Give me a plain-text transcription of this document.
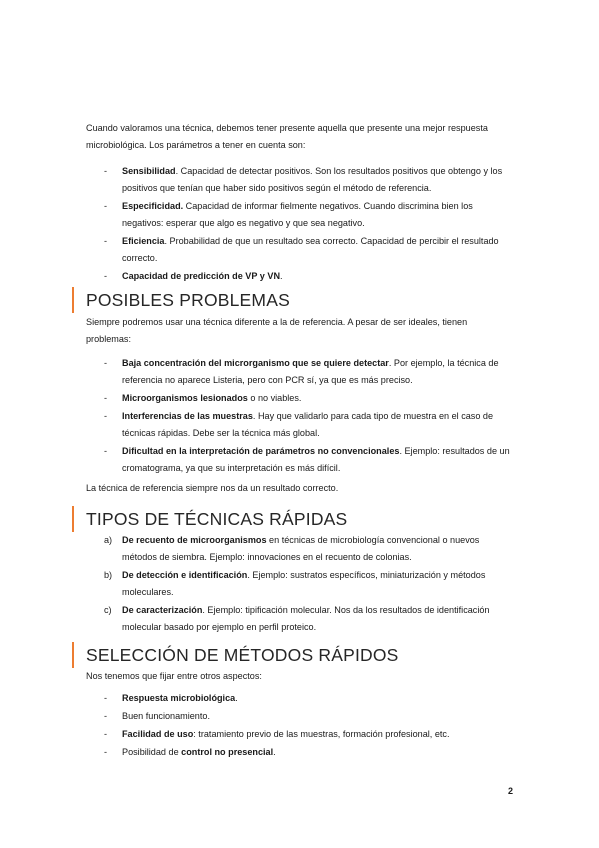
Cuando valoramos una técnica, debemos tener presente aquella que presente una mejor respuesta microbiológica. Los parámetros a tener en cuenta son:

- Sensibilidad. Capacidad de detectar positivos. Son los resultados positivos que obtengo y los positivos que tenían que haber sido positivos según el método de referencia.
- Especificidad. Capacidad de informar fielmente negativos. Cuando discrimina bien los negativos: esperar que algo es negativo y que sea negativo.
- Eficiencia. Probabilidad de que un resultado sea correcto. Capacidad de percibir el resultado correcto.
- Capacidad de predicción de VP y VN.
POSIBLES PROBLEMAS

Siempre podremos usar una técnica diferente a la de referencia. A pesar de ser ideales, tienen problemas:

- Baja concentración del microrganismo que se quiere detectar. Por ejemplo, la técnica de referencia no aparece Listeria, pero con PCR sí, ya que es más preciso.
- Microorganismos lesionados o no viables.
- Interferencias de las muestras. Hay que validarlo para cada tipo de muestra en el caso de técnicas rápidas. Debe ser la técnica más global.
- Dificultad en la interpretación de parámetros no convencionales. Ejemplo: resultados de un cromatograma, ya que su interpretación es más difícil.

La técnica de referencia siempre nos da un resultado correcto.

TIPOS DE TÉCNICAS RÁPIDAS
a) De recuento de microorganismos en técnicas de microbiología convencional o nuevos métodos de siembra. Ejemplo: innovaciones en el recuento de colonias.
b) De detección e identificación. Ejemplo: sustratos específicos, miniaturización y métodos moleculares.
c) De caracterización. Ejemplo: tipificación molecular. Nos da los resultados de identificación molecular basado por ejemplo en perfil proteico.
SELECCIÓN DE MÉTODOS RÁPIDOS

Nos tenemos que fijar entre otros aspectos:

- Respuesta microbiológica.
- Buen funcionamiento.
- Facilidad de uso: tratamiento previo de las muestras, formación profesional, etc.
- Posibilidad de control no presencial.
2
